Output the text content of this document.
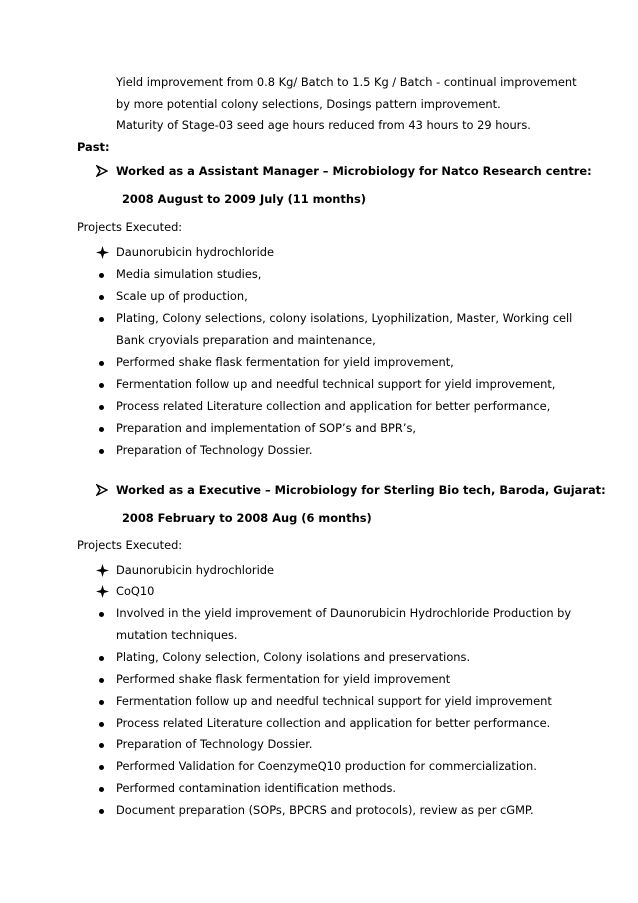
Yield improvement from 0.8 Kg/ Batch to 1.5 Kg / Batch - continual improvement
by more potential colony selections, Dosings pattern improvement.
Maturity of Stage-03 seed age hours reduced from 43 hours to 29 hours.
Past:
Worked as a Assistant Manager – Microbiology for Natco Research centre:
2008 August to 2009 July (11 months)
Projects Executed:
Daunorubicin hydrochloride
Media simulation studies,
Scale up of production,
Plating, Colony selections, colony isolations, Lyophilization, Master, Working cell
Bank cryovials preparation and maintenance,
Performed shake flask fermentation for yield improvement,
Fermentation follow up and needful technical support for yield improvement,
Process related Literature collection and application for better performance,
Preparation and implementation of SOP’s and BPR’s,
Preparation of Technology Dossier.
Worked as a Executive – Microbiology for Sterling Bio tech, Baroda, Gujarat:
2008 February to 2008 Aug (6 months)
Projects Executed:
Daunorubicin hydrochloride
CoQ10
Involved in the yield improvement of Daunorubicin Hydrochloride Production by
mutation techniques.
Plating, Colony selection, Colony isolations and preservations.
Performed shake flask fermentation for yield improvement
Fermentation follow up and needful technical support for yield improvement
Process related Literature collection and application for better performance.
Preparation of Technology Dossier.
Performed Validation for CoenzymeQ10 production for commercialization.
Performed contamination identification methods.
Document preparation (SOPs, BPCRS and protocols), review as per cGMP.
